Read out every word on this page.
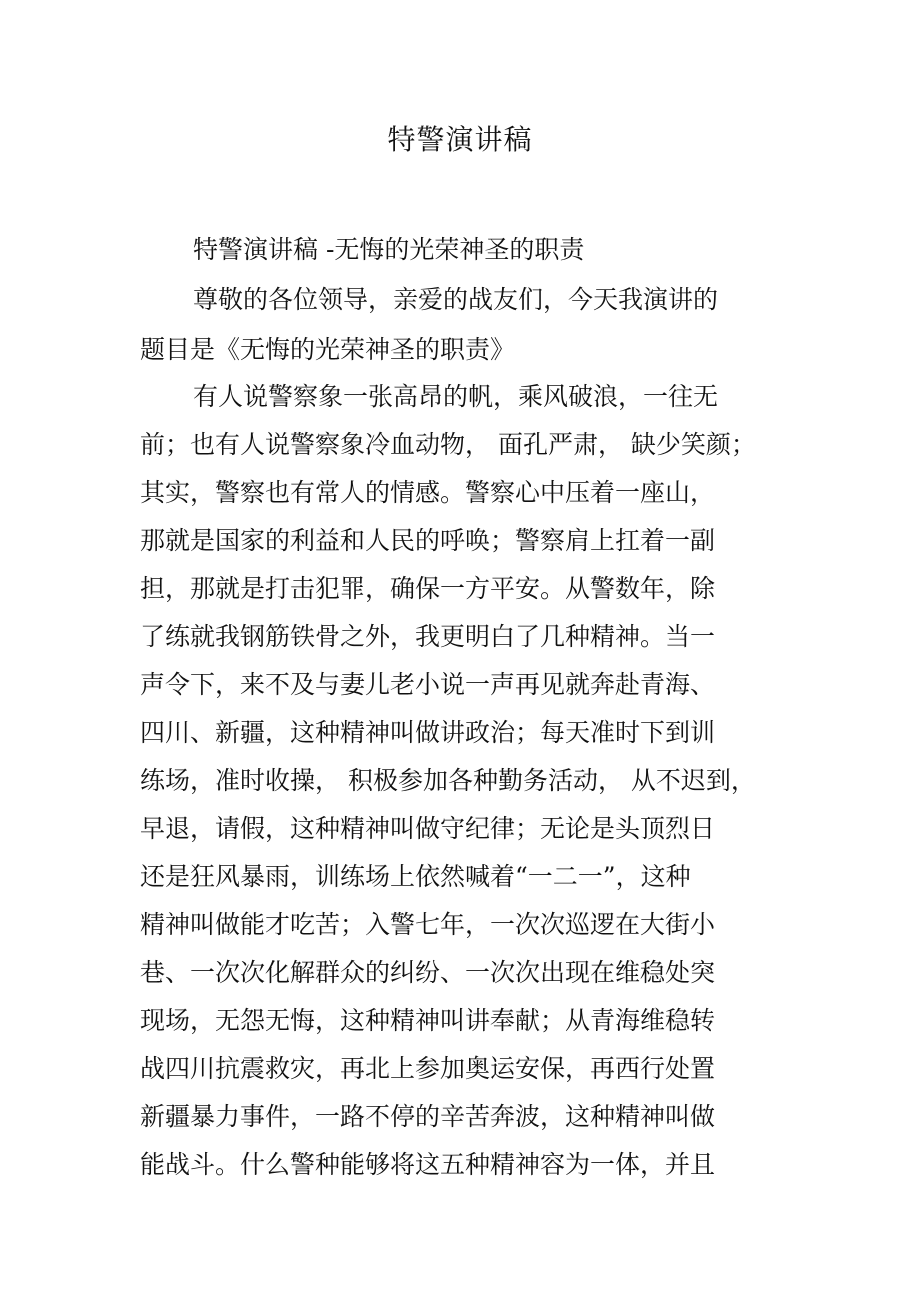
特警演讲稿
特警演讲稿 -无悔的光荣神圣的职责
尊敬的各位领导，亲爱的战友们，今天我演讲的
题目是《无悔的光荣神圣的职责》
有人说警察象一张高昂的帆，乘风破浪，一往无
前；也有人说警察象冷血动物， 面孔严肃， 缺少笑颜；
其实，警察也有常人的情感。警察心中压着一座山，
那就是国家的利益和人民的呼唤；警察肩上扛着一副
担，那就是打击犯罪，确保一方平安。从警数年，除
了练就我钢筋铁骨之外，我更明白了几种精神。当一
声令下，来不及与妻儿老小说一声再见就奔赴青海、
四川、新疆，这种精神叫做讲政治；每天准时下到训
练场，准时收操， 积极参加各种勤务活动， 从不迟到，
早退，请假，这种精神叫做守纪律；无论是头顶烈日
还是狂风暴雨，训练场上依然喊着“一二一”，这种
精神叫做能才吃苦；入警七年，一次次巡逻在大街小
巷、一次次化解群众的纠纷、一次次出现在维稳处突
现场，无怨无悔，这种精神叫讲奉献；从青海维稳转
战四川抗震救灾，再北上参加奥运安保，再西行处置
新疆暴力事件，一路不停的辛苦奔波，这种精神叫做
能战斗。什么警种能够将这五种精神容为一体，并且
